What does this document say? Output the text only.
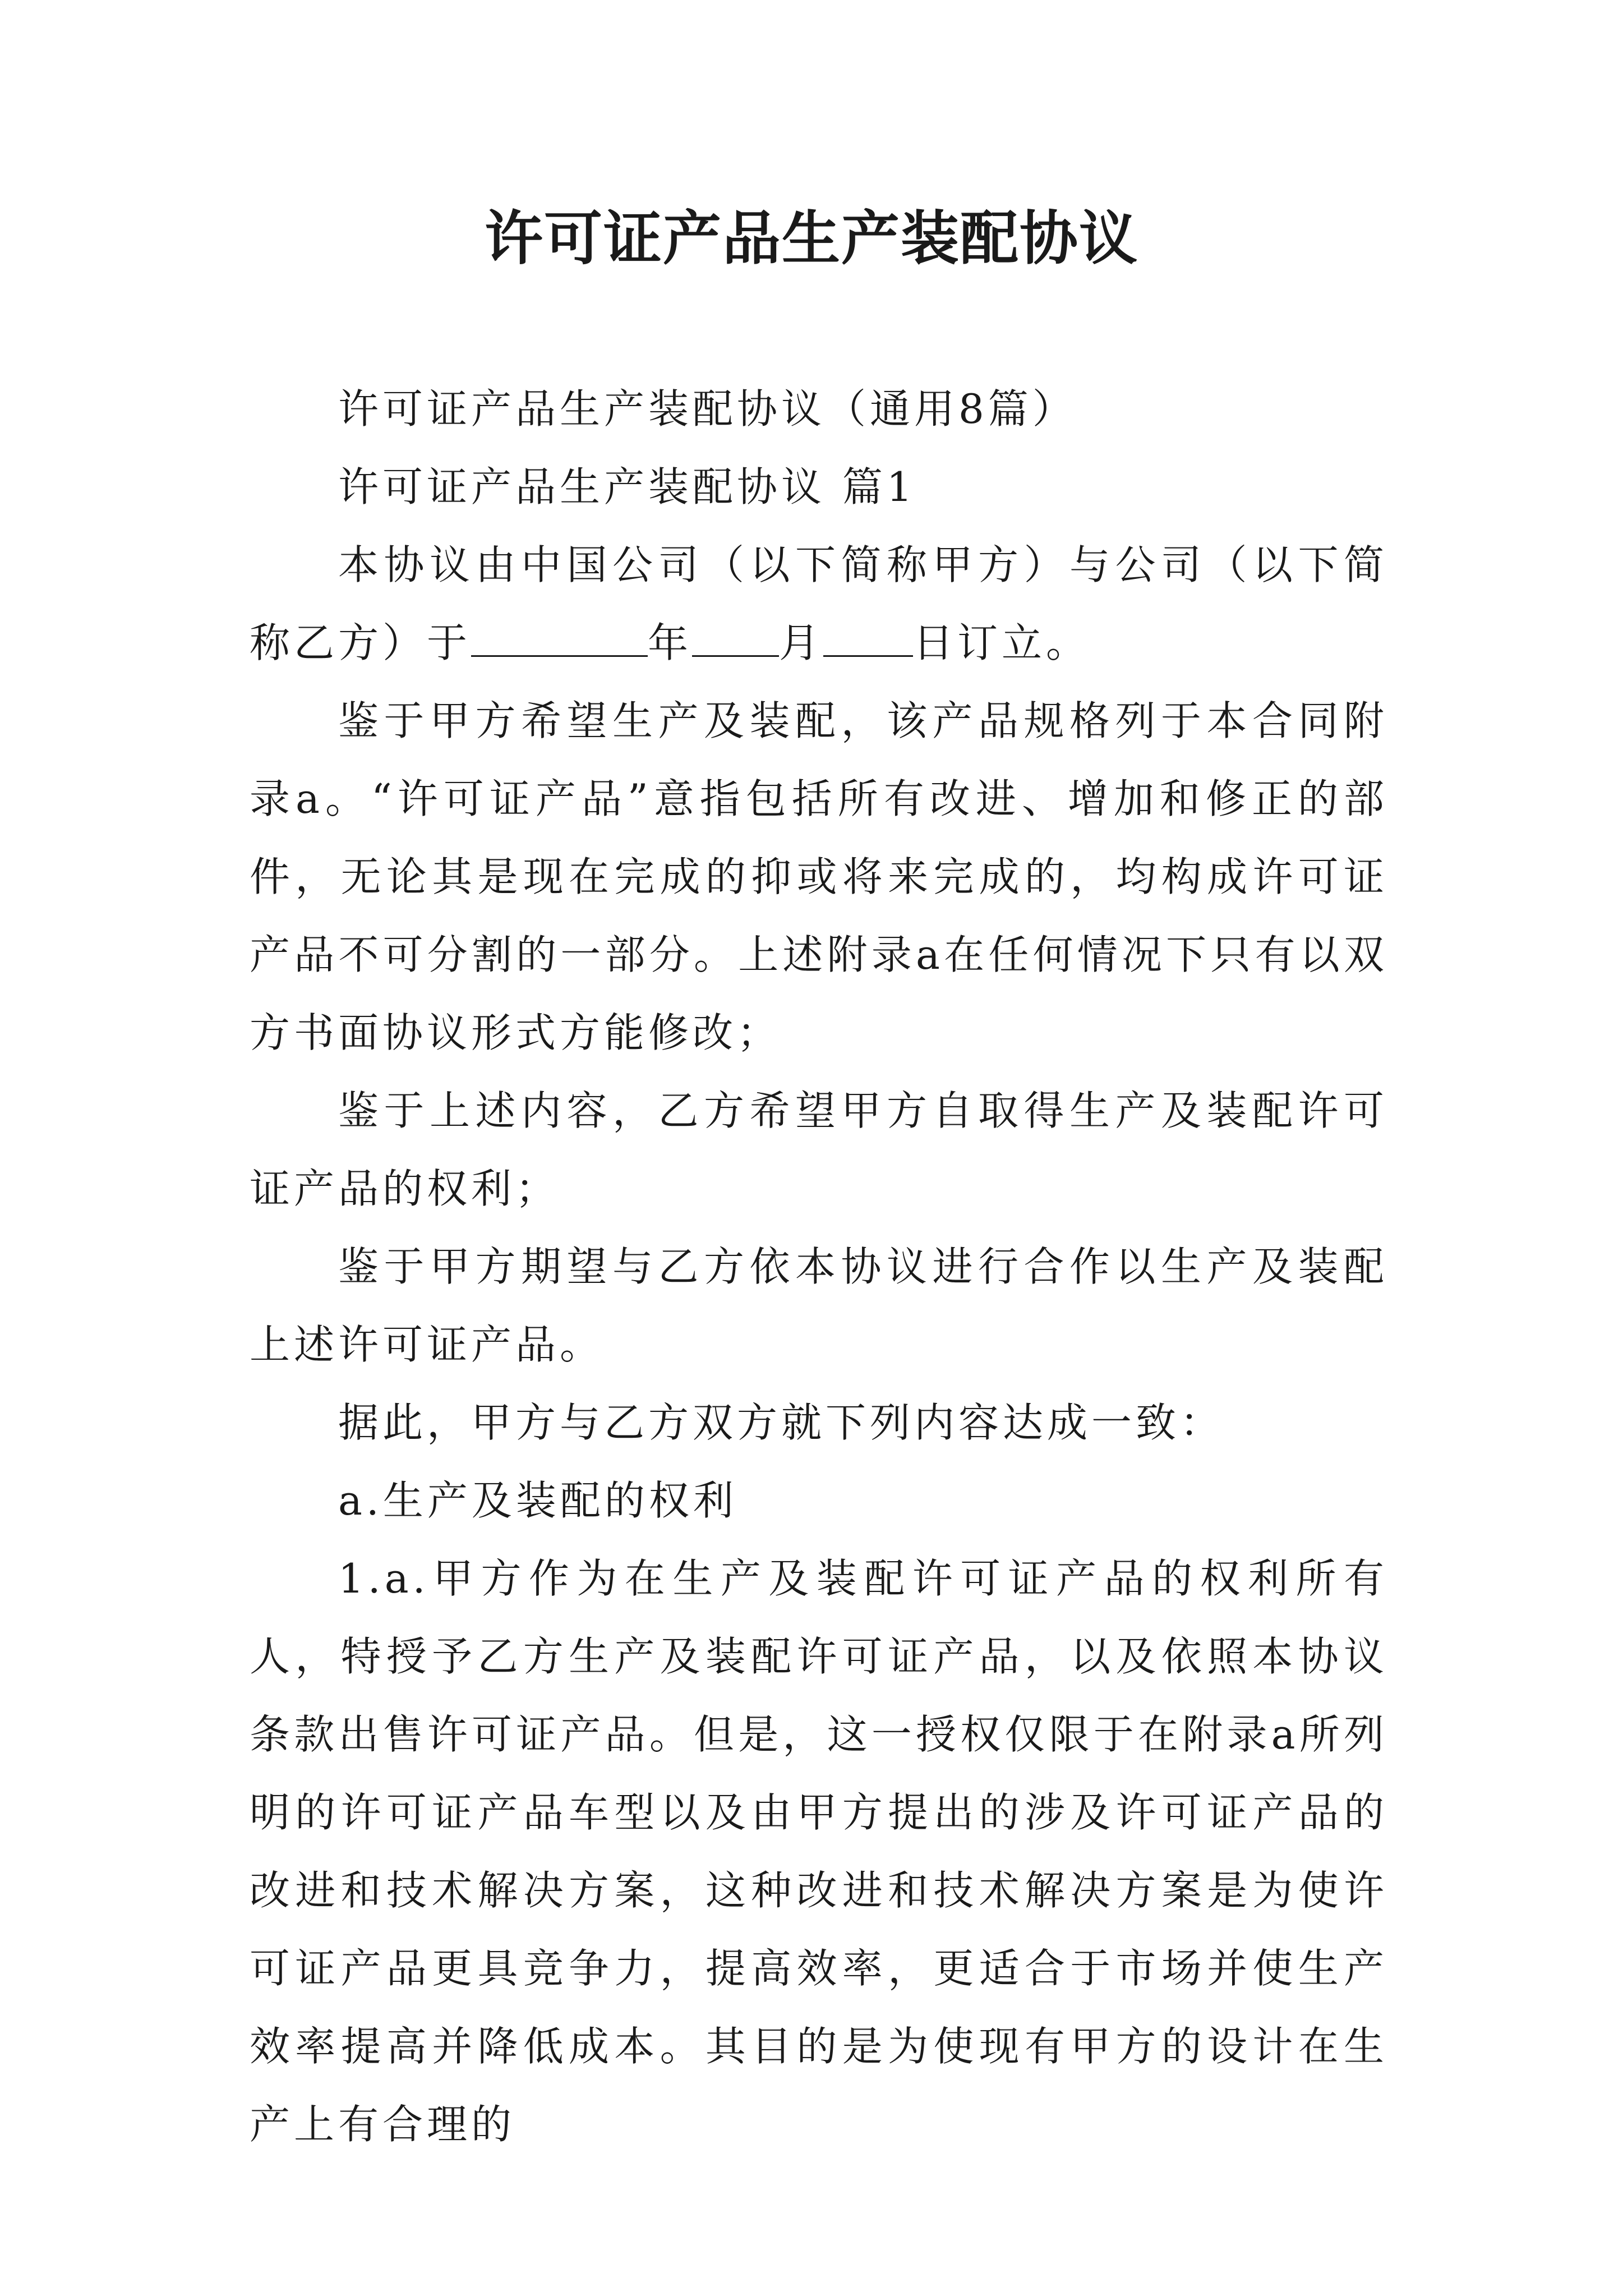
许可证产品生产装配协议

许可证产品生产装配协议（通用8篇）

许可证产品生产装配协议 篇1

本协议由中国公司（以下简称甲方）与公司（以下简称乙方）于	年 月 日订立。

鉴于甲方希望生产及装配，该产品规格列于本合同附录a。“许可证产品”意指包括所有改进、增加和修正的部件，无论其是现在完成的抑或将来完成的，均构成许可证产品不可分割的一部分。上述附录a在任何情况下只有以双方书面协议形式方能修改；

鉴于上述内容，乙方希望甲方自取得生产及装配许可证产品的权利；

鉴于甲方期望与乙方依本协议进行合作以生产及装配上述许可证产品。

据此，甲方与乙方双方就下列内容达成一致：

a.生产及装配的权利

1.a.甲方作为在生产及装配许可证产品的权利所有人，特授予乙方生产及装配许可证产品，以及依照本协议条款出售许可证产品。但是，这一授权仅限于在附录a所列明的许可证产品车型以及由甲方提出的涉及许可证产品的改进和技术解决方案，这种改进和技术解决方案是为使许可证产品更具竞争力，提高效率，更适合于市场并使生产效率提高并降低成本。其目的是为使现有甲方的设计在生产上有合理的
